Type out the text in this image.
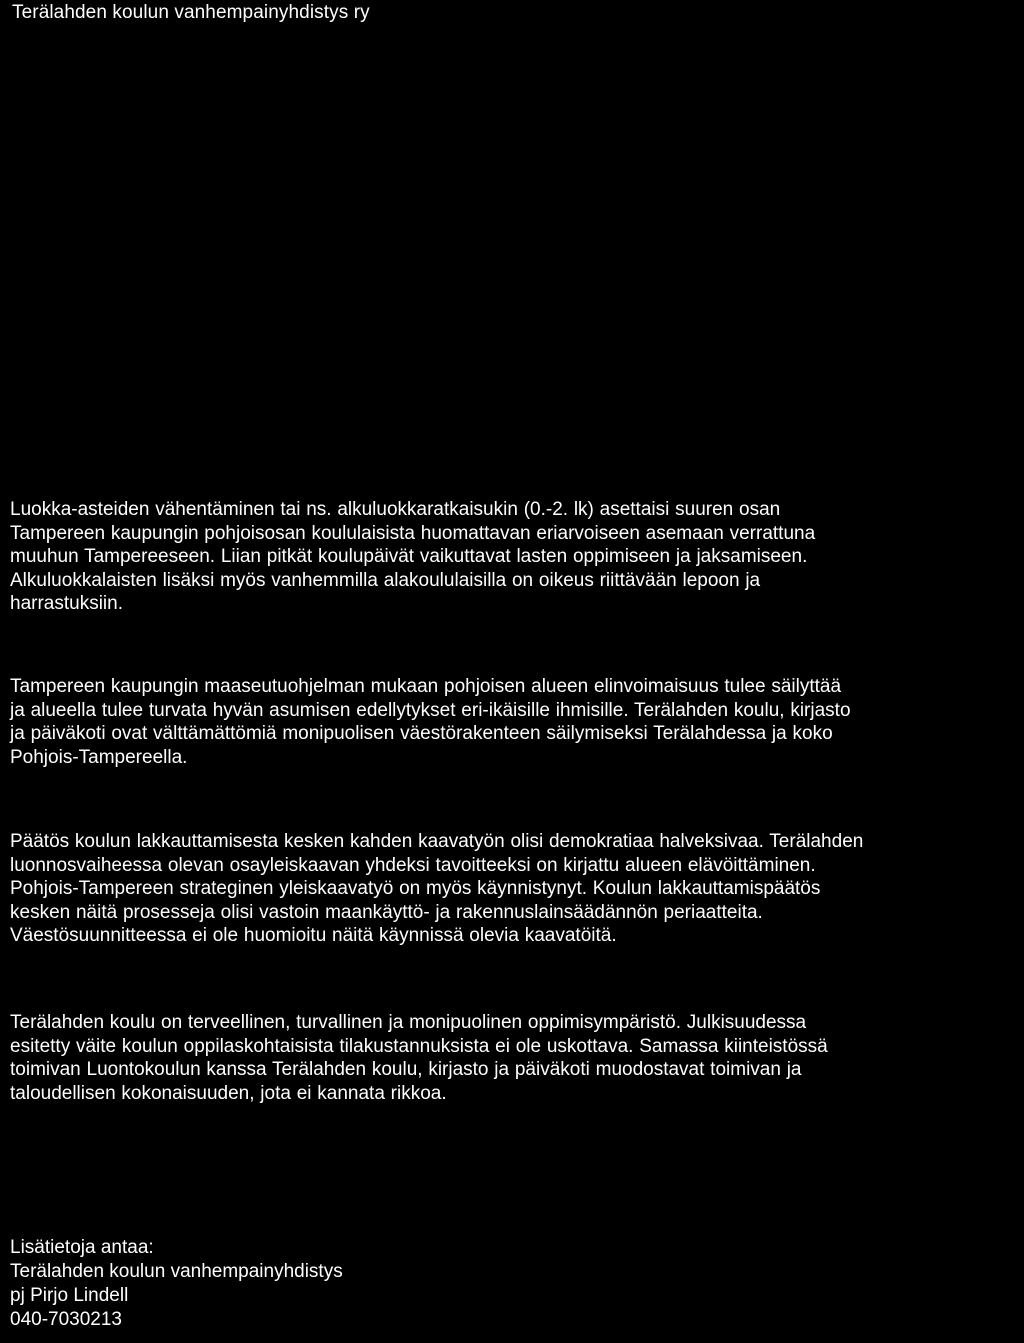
Terälahden koulun vanhempainyhdistys ry
Luokka-asteiden vähentäminen tai ns. alkuluokkaratkaisukin (0.-2. lk) asettaisi suuren osan
Tampereen kaupungin pohjoisosan koululaisista huomattavan eriarvoiseen asemaan verrattuna
muuhun Tampereeseen. Liian pitkät koulupäivät vaikuttavat lasten oppimiseen ja jaksamiseen.
Alkuluokkalaisten lisäksi myös vanhemmilla alakoululaisilla on oikeus riittävään lepoon ja
harrastuksiin.
Tampereen kaupungin maaseutuohjelman mukaan pohjoisen alueen elinvoimaisuus tulee säilyttää
ja alueella tulee turvata hyvän asumisen edellytykset eri-ikäisille ihmisille. Terälahden koulu, kirjasto
ja päiväkoti ovat välttämättömiä monipuolisen väestörakenteen säilymiseksi Terälahdessa ja koko
Pohjois-Tampereella.
Päätös koulun lakkauttamisesta kesken kahden kaavatyön olisi demokratiaa halveksivaa. Terälahden
luonnosvaiheessa olevan osayleiskaavan yhdeksi tavoitteeksi on kirjattu alueen elävöittäminen.
Pohjois-Tampereen strateginen yleiskaavatyö on myös käynnistynyt. Koulun lakkauttamispäätös
kesken näitä prosesseja olisi vastoin maankäyttö- ja rakennuslainsäädännön periaatteita.
Väestösuunnitteessa ei ole huomioitu näitä käynnissä olevia kaavatöitä.
Terälahden koulu on terveellinen, turvallinen ja monipuolinen oppimisympäristö. Julkisuudessa
esitetty väite koulun oppilaskohtaisista tilakustannuksista ei ole uskottava. Samassa kiinteistössä
toimivan Luontokoulun kanssa Terälahden koulu, kirjasto ja päiväkoti muodostavat toimivan ja
taloudellisen kokonaisuuden, jota ei kannata rikkoa.
Lisätietoja antaa:
Terälahden koulun vanhempainyhdistys
pj Pirjo Lindell
040-7030213
